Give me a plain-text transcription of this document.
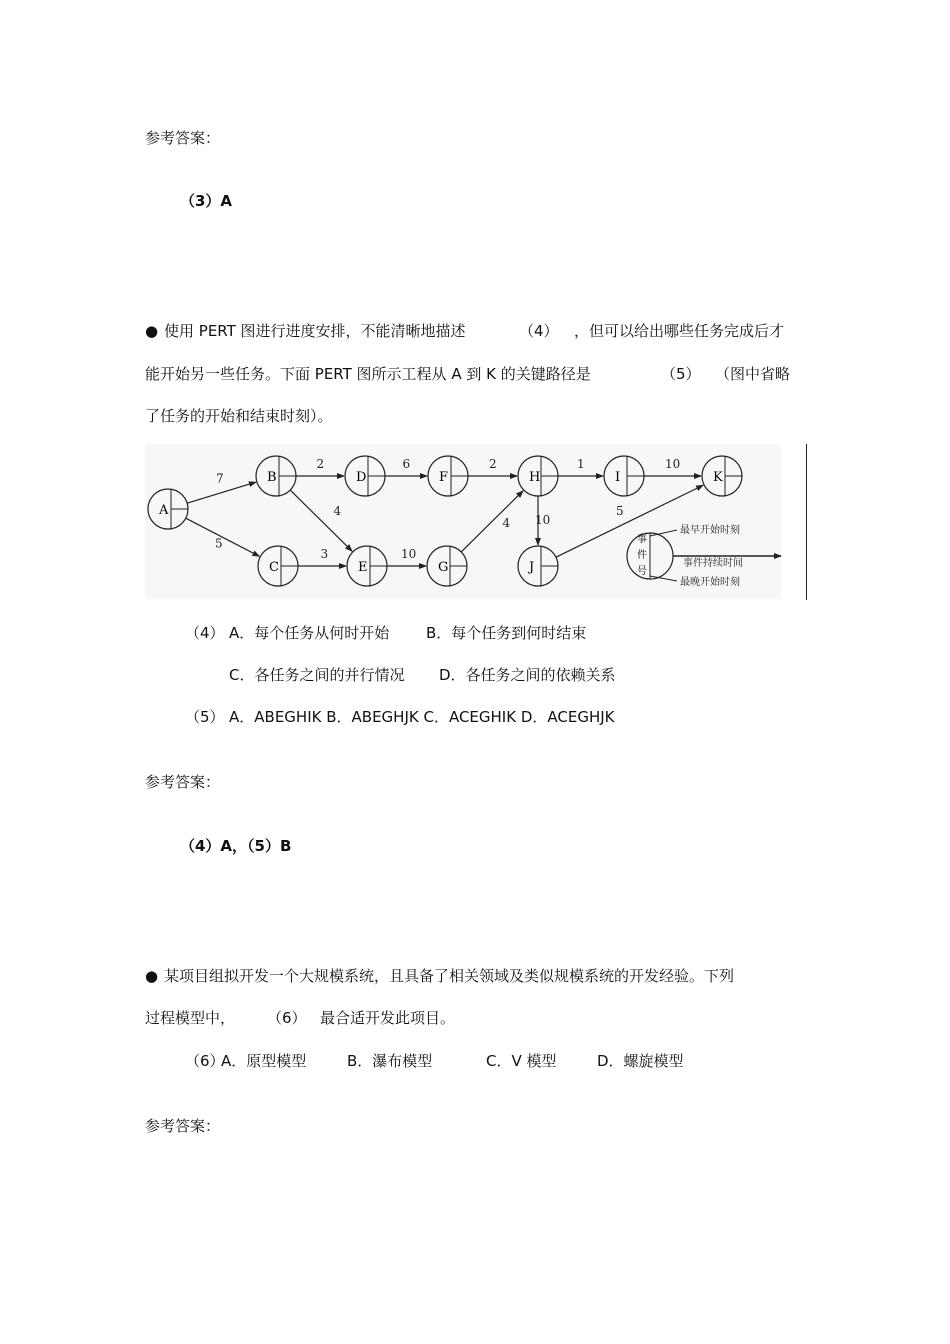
参考答案：
（3）A
● 使用 PERT 图进行进度安排，不能清晰地描述	（4） ，但可以给出哪些任务完成后才
能开始另一些任务。下面 PERT 图所示工程从 A 到 K 的关键路径是	（5） （图中省略
了任务的开始和结束时刻）。
7
5
2
4
3
6	2
10
4
1
10
10
5
A
B
C
D
E
F
G
H	I
J
K
事
件
号
最早开始时刻
事件持续时间
最晚开始时刻
（4） A．每个任务从何时开始 B．每个任务到何时结束
C．各任务之间的并行情况 D．各任务之间的依赖关系
（5） A．ABEGHIK B．ABEGHJK C．ACEGHIK D．ACEGHJK
参考答案：
（4）A，（5）B
● 某项目组拟开发一个大规模系统，且具备了相关领域及类似规模系统的开发经验。下列
过程模型中， （6） 最合适开发此项目。
（6）
A．原型模型	B．瀑布模型	C．V 模型	D．螺旋模型
参考答案：
